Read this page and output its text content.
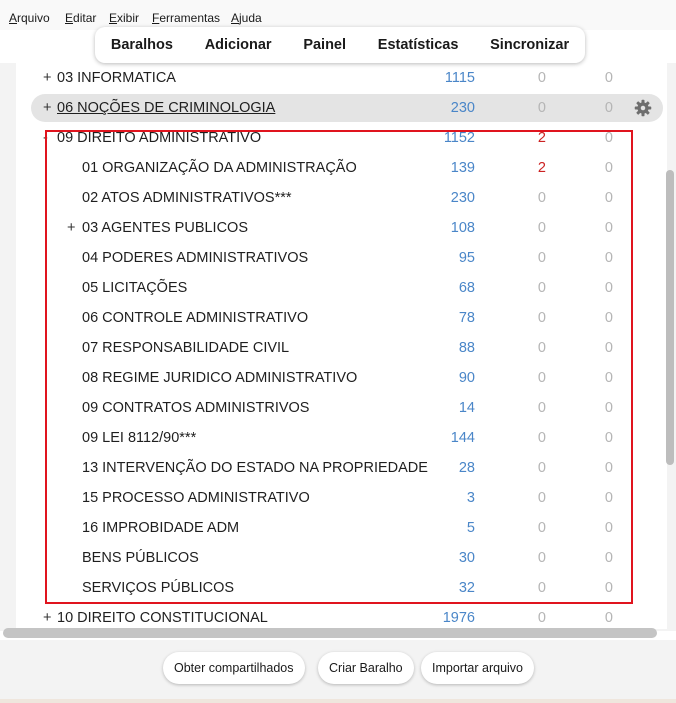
Arquivo Editar Exibir Ferramentas Ajuda
Baralhos Adicionar Painel Estatísticas Sincronizar
+ 03 INFORMATICA	1115	0	0
+ 06 NOÇÕES DE CRIMINOLOGIA	230	0	0
- 09 DIREITO ADMINISTRATIVO	1152	2	0
01 ORGANIZAÇÃO DA ADMINISTRAÇÃO	139	2	0
02 ATOS ADMINISTRATIVOS***	230	0	0
+ 03 AGENTES PUBLICOS	108	0	0
04 PODERES ADMINISTRATIVOS	95	0	0
05 LICITAÇÕES	68	0	0
06 CONTROLE ADMINISTRATIVO	78	0	0
07 RESPONSABILIDADE CIVIL	88	0	0
08 REGIME JURIDICO ADMINISTRATIVO	90	0	0
09 CONTRATOS ADMINISTRIVOS	14	0	0
09 LEI 8112/90***	144	0	0
13 INTERVENÇÃO DO ESTADO NA PROPRIEDADE 28	0	0
15 PROCESSO ADMINISTRATIVO	3	0	0
16 IMPROBIDADE ADM	5	0	0
BENS PÚBLICOS	30	0	0
SERVIÇOS PÚBLICOS	32	0	0
+ 10 DIREITO CONSTITUCIONAL	1976	0	0
Obter compartilhados	Criar Baralho	Importar arquivo
